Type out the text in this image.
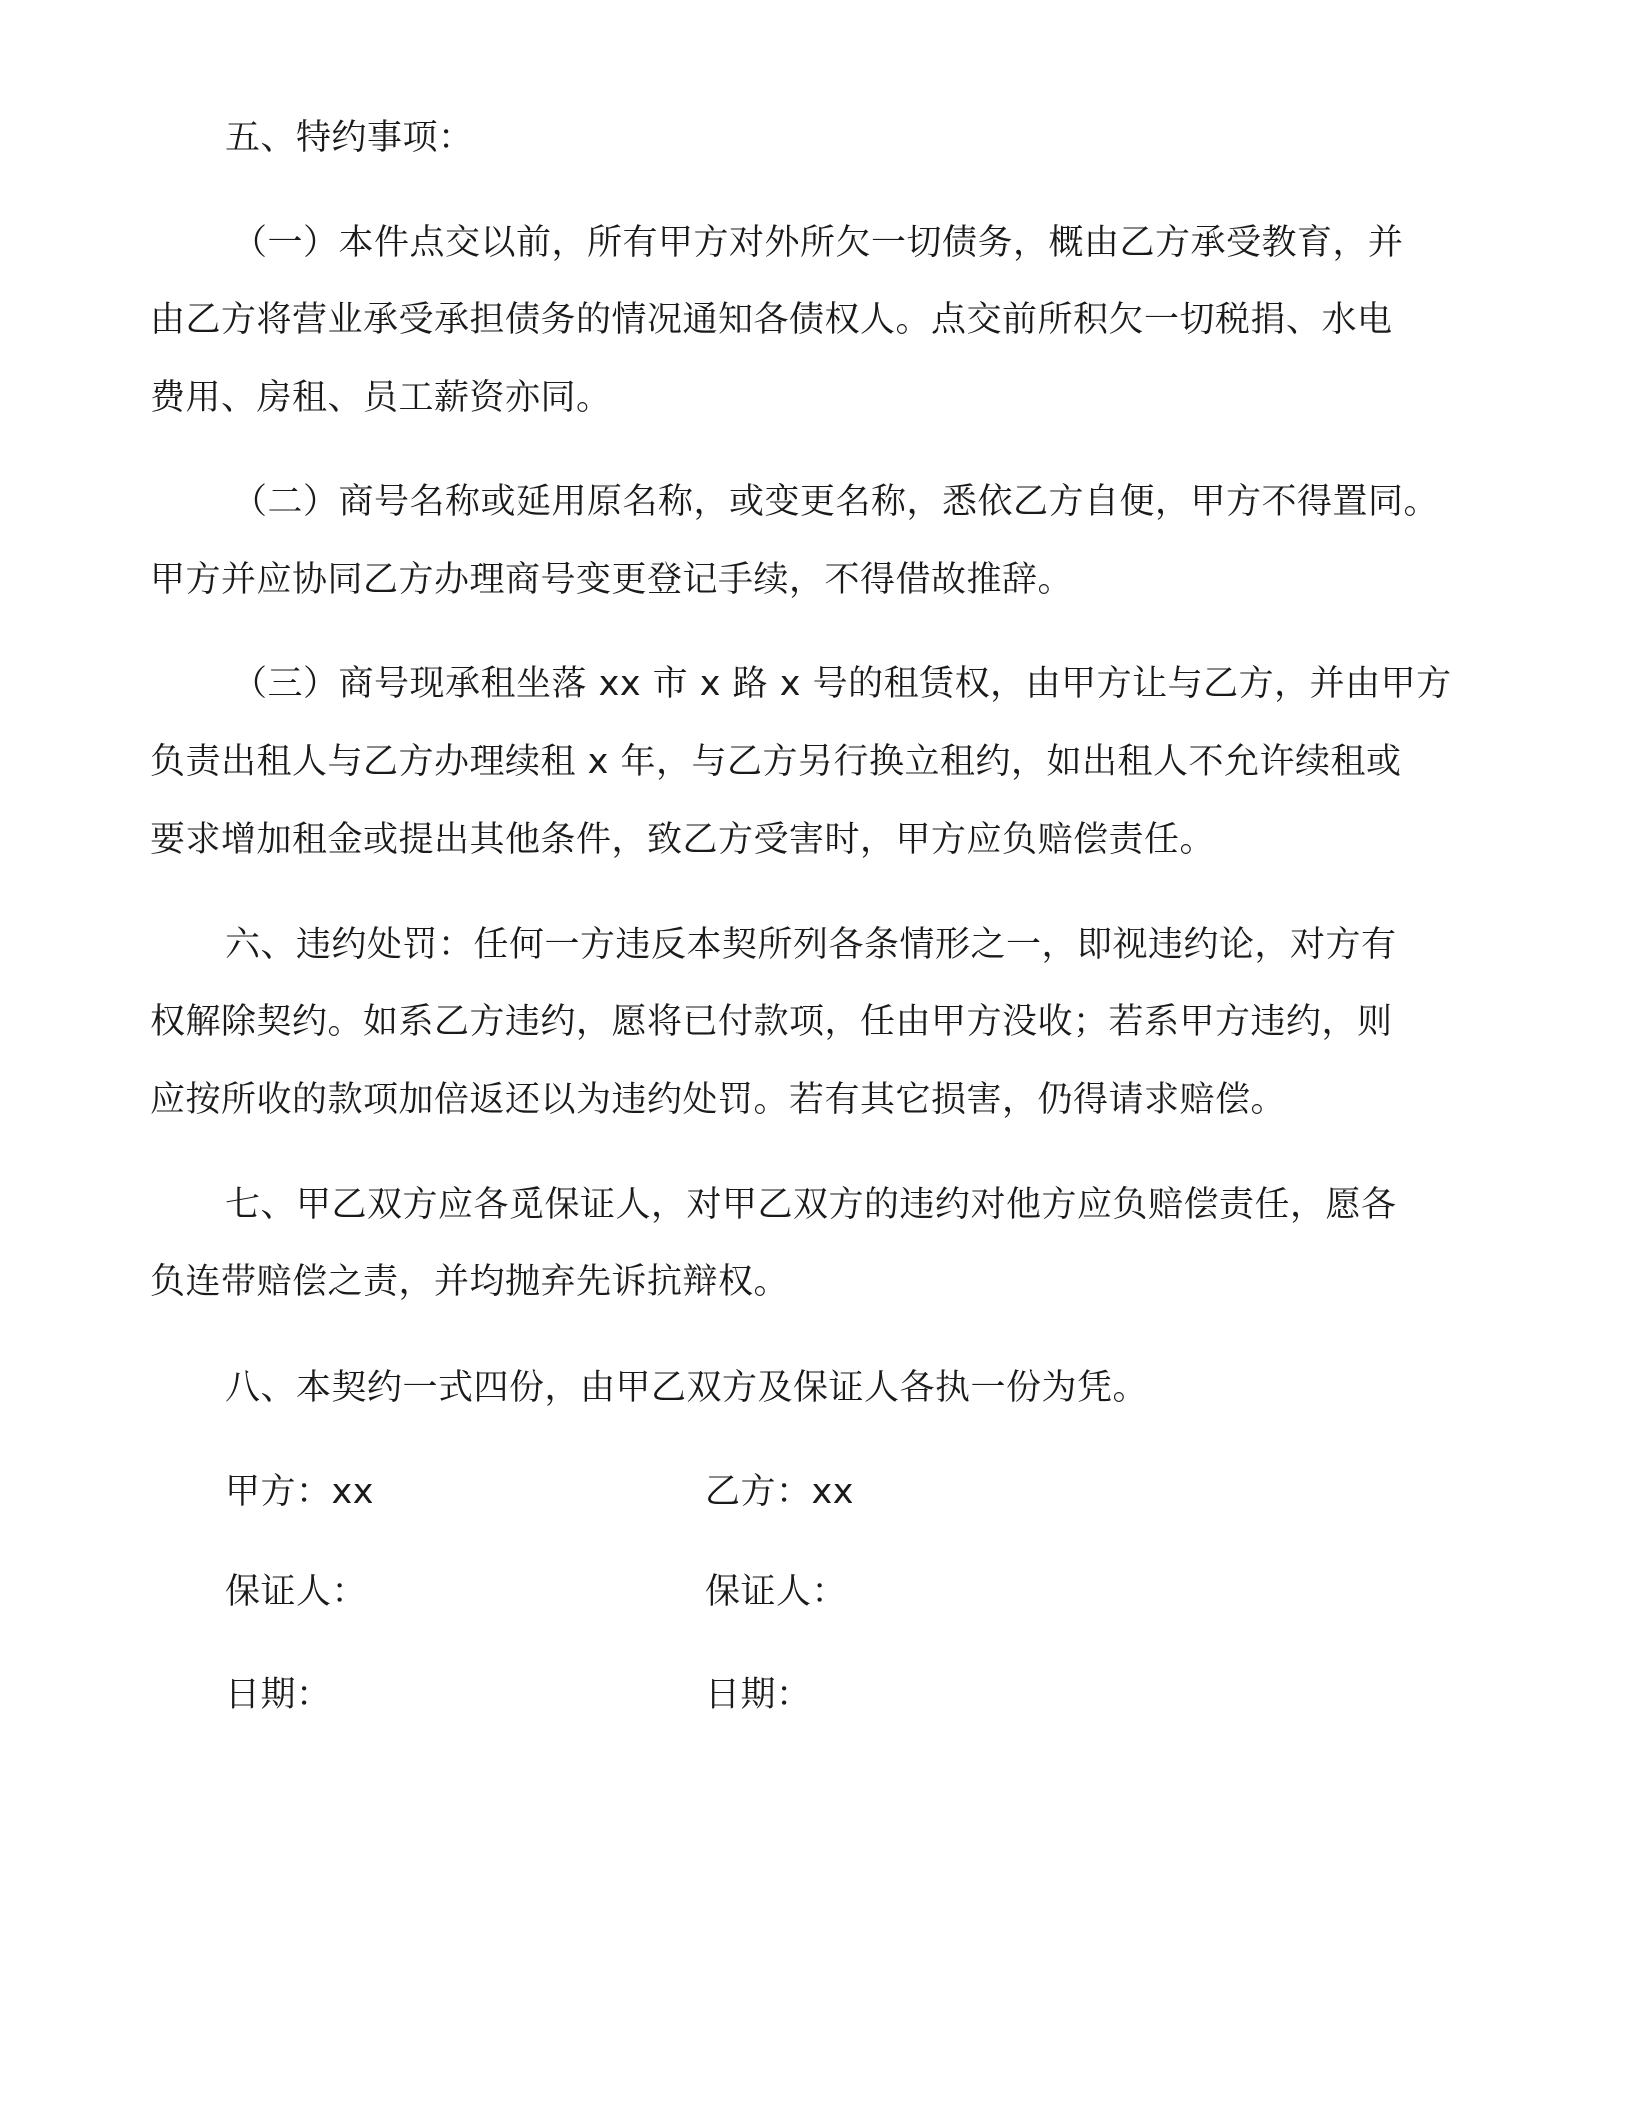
五、特约事项：
（一）本件点交以前，所有甲方对外所欠一切债务，概由乙方承受教育，并
由乙方将营业承受承担债务的情况通知各债权人。点交前所积欠一切税捐、水电
费用、房租、员工薪资亦同。
（二）商号名称或延用原名称，或变更名称，悉依乙方自便，甲方不得置同。
甲方并应协同乙方办理商号变更登记手续，不得借故推辞。
（三）商号现承租坐落 xx 市 x 路 x 号的租赁权，由甲方让与乙方，并由甲方
负责出租人与乙方办理续租 x 年，与乙方另行换立租约，如出租人不允许续租或
要求增加租金或提出其他条件，致乙方受害时，甲方应负赔偿责任。
六、违约处罚：任何一方违反本契所列各条情形之一，即视违约论，对方有
权解除契约。如系乙方违约，愿将已付款项，任由甲方没收；若系甲方违约，则
应按所收的款项加倍返还以为违约处罚。若有其它损害，仍得请求赔偿。
七、甲乙双方应各觅保证人，对甲乙双方的违约对他方应负赔偿责任，愿各
负连带赔偿之责，并均抛弃先诉抗辩权。
八、本契约一式四份，由甲乙双方及保证人各执一份为凭。
甲方：xx	乙方：xx
保证人：	保证人：
日期：	日期：
